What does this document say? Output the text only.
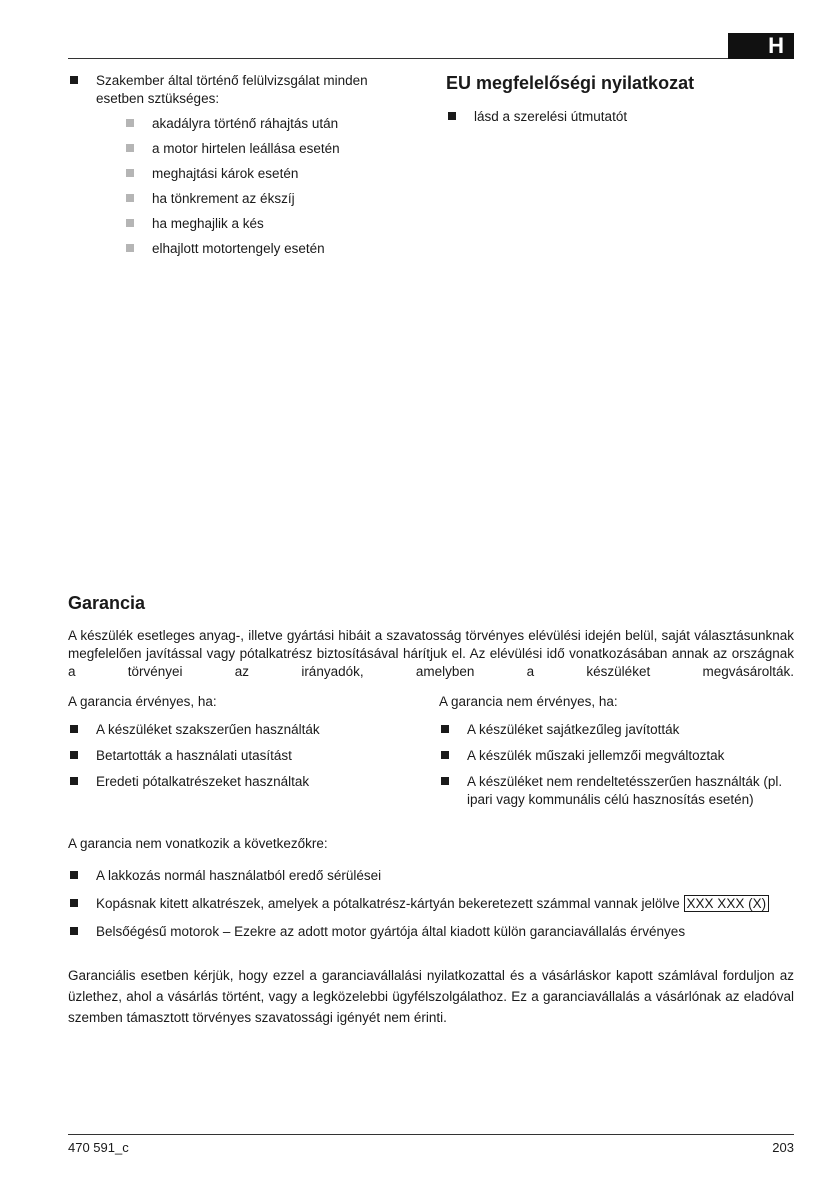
H
Szakember által történő felülvizsgálat minden esetben sztükséges:
akadályra történő ráhajtás után
a motor hirtelen leállása esetén
meghajtási károk esetén
ha tönkrement az ékszíj
ha meghajlik a kés
elhajlott motortengely esetén
EU megfelelőségi nyilatkozat
lásd a szerelési útmutatót
Garancia

A készülék esetleges anyag-, illetve gyártási hibáit a szavatosság törvényes elévülési idején belül, saját választásunknak

megfelelően javítással vagy pótalkatrész biztosításával hárítjuk el. Az elévülési idő vonatkozásában annak az országnak

a törvényei az irányadók, amelyben a készüléket megvásárolták.

A garancia érvényes, ha:

A készüléket szakszerűen használták
Betartották a használati utasítást
Eredeti pótalkatrészeket használtak

A garancia nem érvényes, ha:

A készüléket sajátkezűleg javították
A készülék műszaki jellemzői megváltoztak
A készüléket nem rendeltetésszerűen használták (pl. ipari vagy kommunális célú hasznosítás esetén)

A garancia nem vonatkozik a következőkre:

A lakkozás normál használatból eredő sérülései
Kopásnak kitett alkatrészek, amelyek a pótalkatrész-kártyán bekeretezett számmal vannak jelölve XXX XXX (X)
Belsőégésű motorok – Ezekre az adott motor gyártója által kiadott külön garanciavállalás érvényes

Garanciális esetben kérjük, hogy ezzel a garanciavállalási nyilatkozattal és a vásárláskor kapott számlával forduljon az üzlethez, ahol a vásárlás történt, vagy a legközelebbi ügyfélszolgálathoz. Ez a garanciavállalás a vásárlónak az eladóval szemben támasztott törvényes szavatossági igényét nem érinti.

470 591_c	203
